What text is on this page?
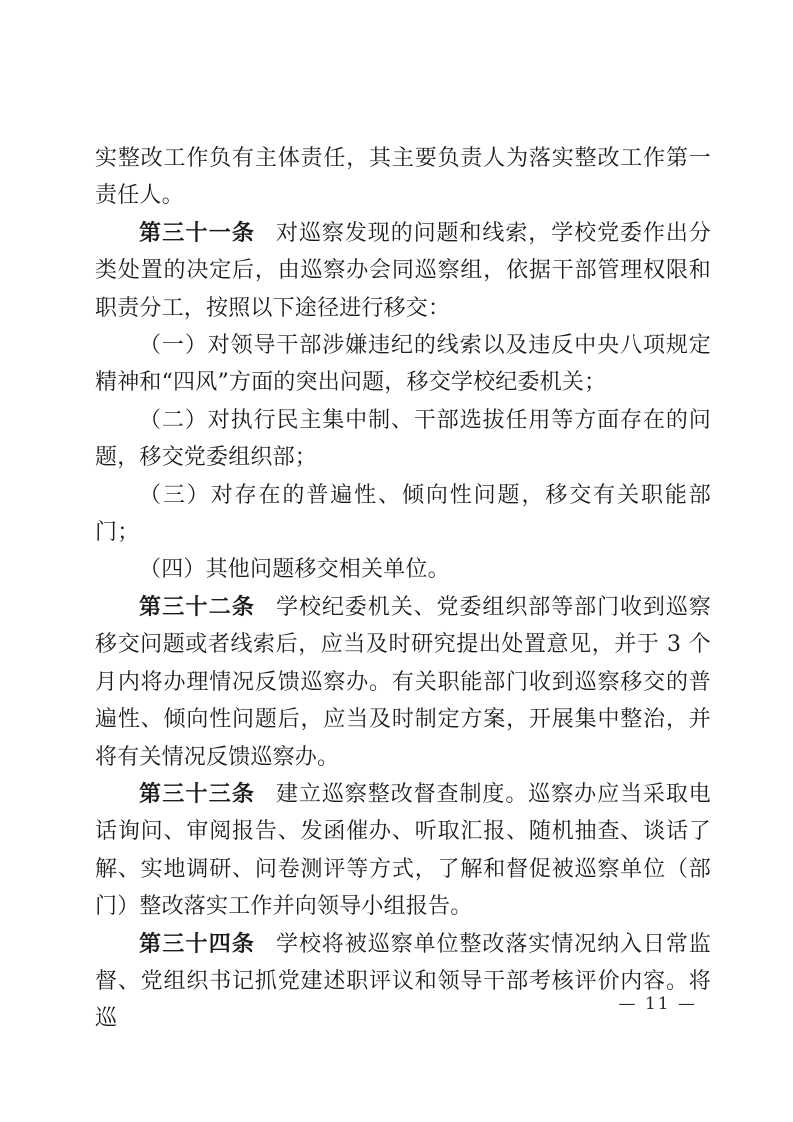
实整改工作负有主体责任，其主要负责人为落实整改工作第一责任人。

第三十一条 对巡察发现的问题和线索，学校党委作出分类处置的决定后，由巡察办会同巡察组，依据干部管理权限和职责分工，按照以下途径进行移交：

（一）对领导干部涉嫌违纪的线索以及违反中央八项规定精神和“四风”方面的突出问题，移交学校纪委机关；

（二）对执行民主集中制、干部选拔任用等方面存在的问题，移交党委组织部；

（三）对存在的普遍性、倾向性问题，移交有关职能部门；

（四）其他问题移交相关单位。

第三十二条 学校纪委机关、党委组织部等部门收到巡察移交问题或者线索后，应当及时研究提出处置意见，并于 3 个月内将办理情况反馈巡察办。有关职能部门收到巡察移交的普遍性、倾向性问题后，应当及时制定方案，开展集中整治，并将有关情况反馈巡察办。

第三十三条 建立巡察整改督查制度。巡察办应当采取电话询问、审阅报告、发函催办、听取汇报、随机抽查、谈话了解、实地调研、问卷测评等方式，了解和督促被巡察单位（部门）整改落实工作并向领导小组报告。

第三十四条 学校将被巡察单位整改落实情况纳入日常监督、党组织书记抓党建述职评议和领导干部考核评价内容。将巡

— 11 —
